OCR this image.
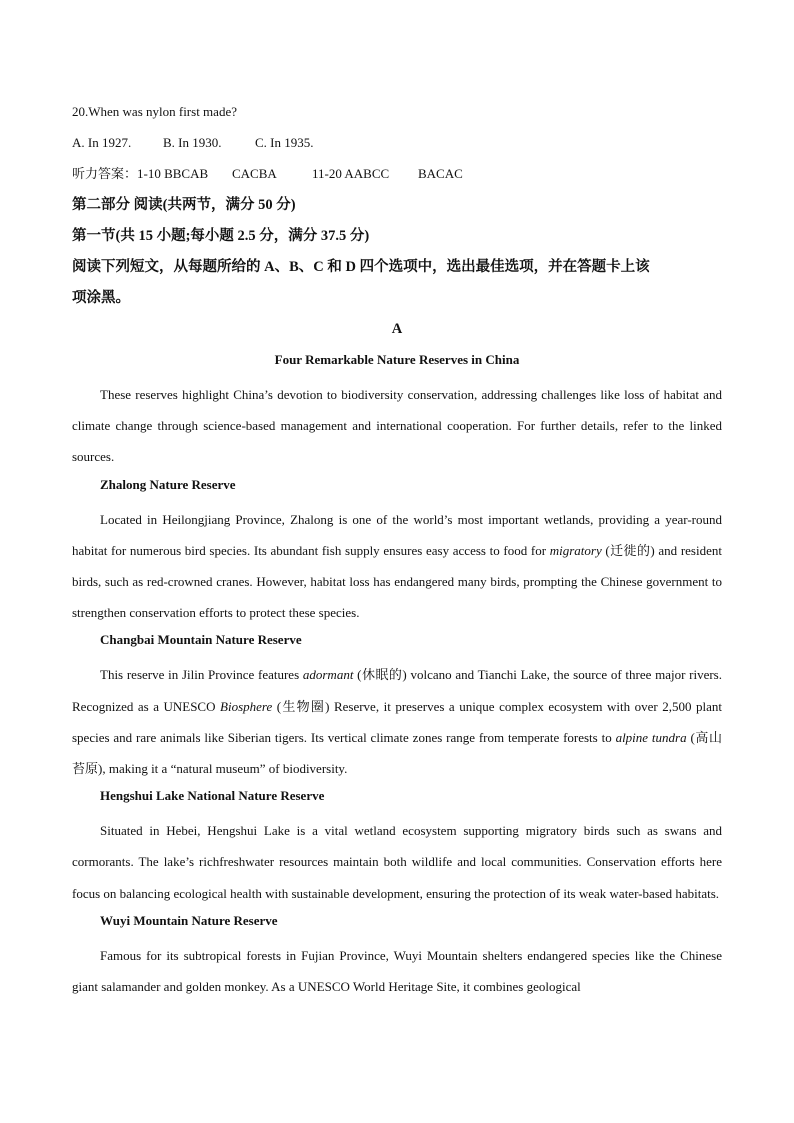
20.When was nylon first made?
A. In 1927. B. In 1930.	C. In 1935.
听力答案：1-10 BBCAB CACBA	11-20 AABCC BACAC
第二部分 阅读(共两节，满分 50 分)
第一节(共 15 小题;每小题 2.5 分，满分 37.5 分)
阅读下列短文，从每题所给的 A、B、C 和 D 四个选项中，选出最佳选项，并在答题卡上该
项涂黑。
A
Four Remarkable Nature Reserves in China

These reserves highlight China’s devotion to biodiversity conservation, addressing challenges like loss of habitat and climate change through science-based management and international cooperation. For further details, refer to the linked sources.

Zhalong Nature Reserve

Located in Heilongjiang Province, Zhalong is one of the world’s most important wetlands, providing a year-round habitat for numerous bird species. Its abundant fish supply ensures easy access to food for migratory (迁徙的) and resident birds, such as red-crowned cranes. However, habitat loss has endangered many birds, prompting the Chinese government to strengthen conservation efforts to protect these species.

Changbai Mountain Nature Reserve

This reserve in Jilin Province features adormant (休眠的) volcano and Tianchi Lake, the source of three major rivers. Recognized as a UNESCO Biosphere (生物圈) Reserve, it preserves a unique complex ecosystem with over 2,500 plant species and rare animals like Siberian tigers. Its vertical climate zones range from temperate forests to alpine tundra (高山苔原), making it a “natural museum” of biodiversity.

Hengshui Lake National Nature Reserve

Situated in Hebei, Hengshui Lake is a vital wetland ecosystem supporting migratory birds such as swans and cormorants. The lake’s richfreshwater resources maintain both wildlife and local communities. Conservation efforts here focus on balancing ecological health with sustainable development, ensuring the protection of its weak water-based habitats.

Wuyi Mountain Nature Reserve

Famous for its subtropical forests in Fujian Province, Wuyi Mountain shelters endangered species like the Chinese giant salamander and golden monkey. As a UNESCO World Heritage Site, it combines geological
